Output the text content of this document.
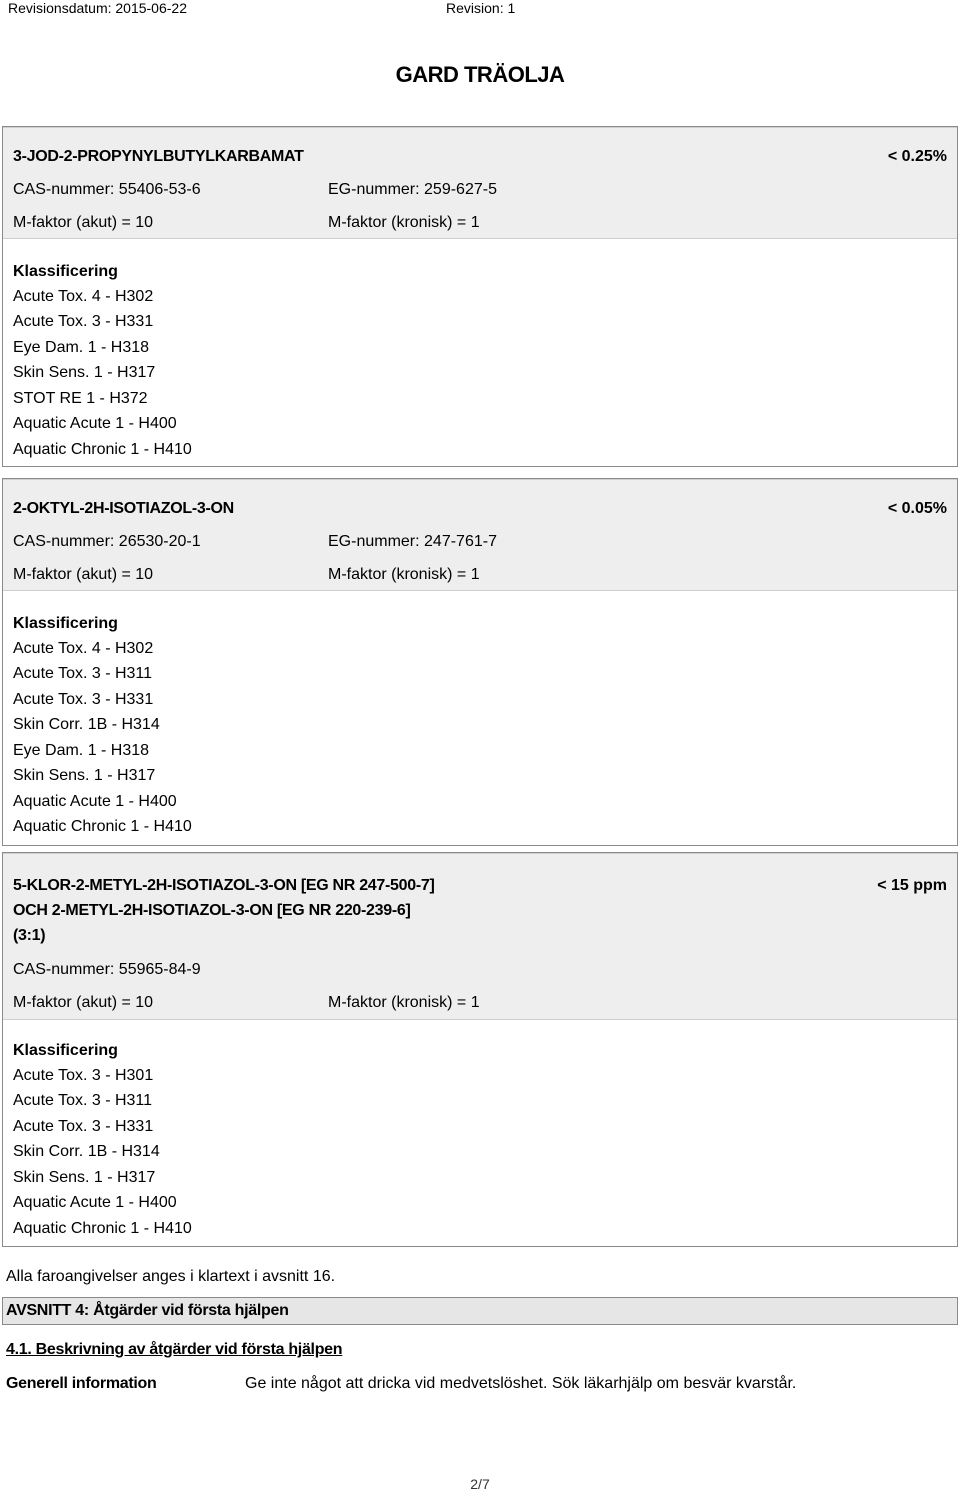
Revisionsdatum: 2015-06-22	Revision: 1
GARD TRÄOLJA
3-JOD-2-PROPYNYLBUTYLKARBAMAT	< 0.25%
CAS-nummer: 55406-53-6	EG-nummer: 259-627-5
M-faktor (akut) = 10	M-faktor (kronisk) = 1
Klassificering
Acute Tox. 4 - H302
Acute Tox. 3 - H331
Eye Dam. 1 - H318
Skin Sens. 1 - H317
STOT RE 1 - H372
Aquatic Acute 1 - H400
Aquatic Chronic 1 - H410
2-OKTYL-2H-ISOTIAZOL-3-ON	< 0.05%
CAS-nummer: 26530-20-1	EG-nummer: 247-761-7
M-faktor (akut) = 10	M-faktor (kronisk) = 1
Klassificering
Acute Tox. 4 - H302
Acute Tox. 3 - H311
Acute Tox. 3 - H331
Skin Corr. 1B - H314
Eye Dam. 1 - H318
Skin Sens. 1 - H317
Aquatic Acute 1 - H400
Aquatic Chronic 1 - H410
5-KLOR-2-METYL-2H-ISOTIAZOL-3-ON [EG NR 247-500-7]
OCH 2-METYL-2H-ISOTIAZOL-3-ON [EG NR 220-239-6]
(3:1)
< 15 ppm
CAS-nummer: 55965-84-9
M-faktor (akut) = 10	M-faktor (kronisk) = 1
Klassificering
Acute Tox. 3 - H301
Acute Tox. 3 - H311
Acute Tox. 3 - H331
Skin Corr. 1B - H314
Skin Sens. 1 - H317
Aquatic Acute 1 - H400
Aquatic Chronic 1 - H410
Alla faroangivelser anges i klartext i avsnitt 16.
AVSNITT 4: Åtgärder vid första hjälpen
4.1. Beskrivning av åtgärder vid första hjälpen
Generell information	Ge inte något att dricka vid medvetslöshet. Sök läkarhjälp om besvär kvarstår.
2/7
